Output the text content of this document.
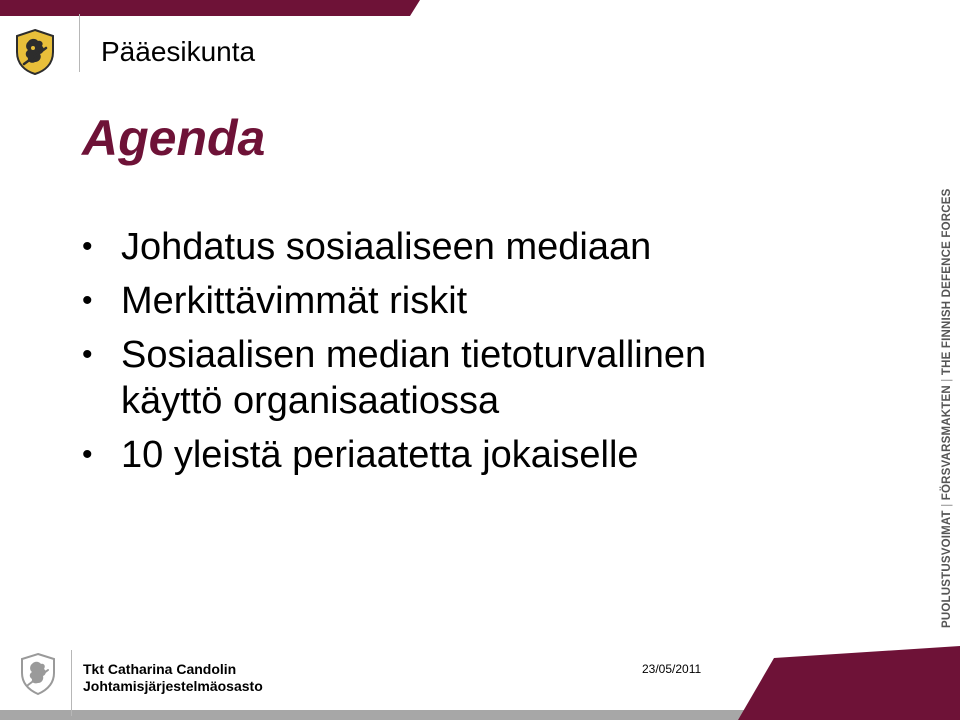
Pääesikunta
Agenda
• Johdatus sosiaaliseen mediaan
• Merkittävimmät riskit
• Sosiaalisen median tietoturvallinen
käyttö organisaatiossa
• 10 yleistä periaatetta jokaiselle
PUOLUSTUSVOIMAT | FÖRSVARSMAKTEN | THE FINNISH DEFENCE FORCES
Tkt Catharina Candolin
Johtamisjärjestelmäosasto
23/05/2011
